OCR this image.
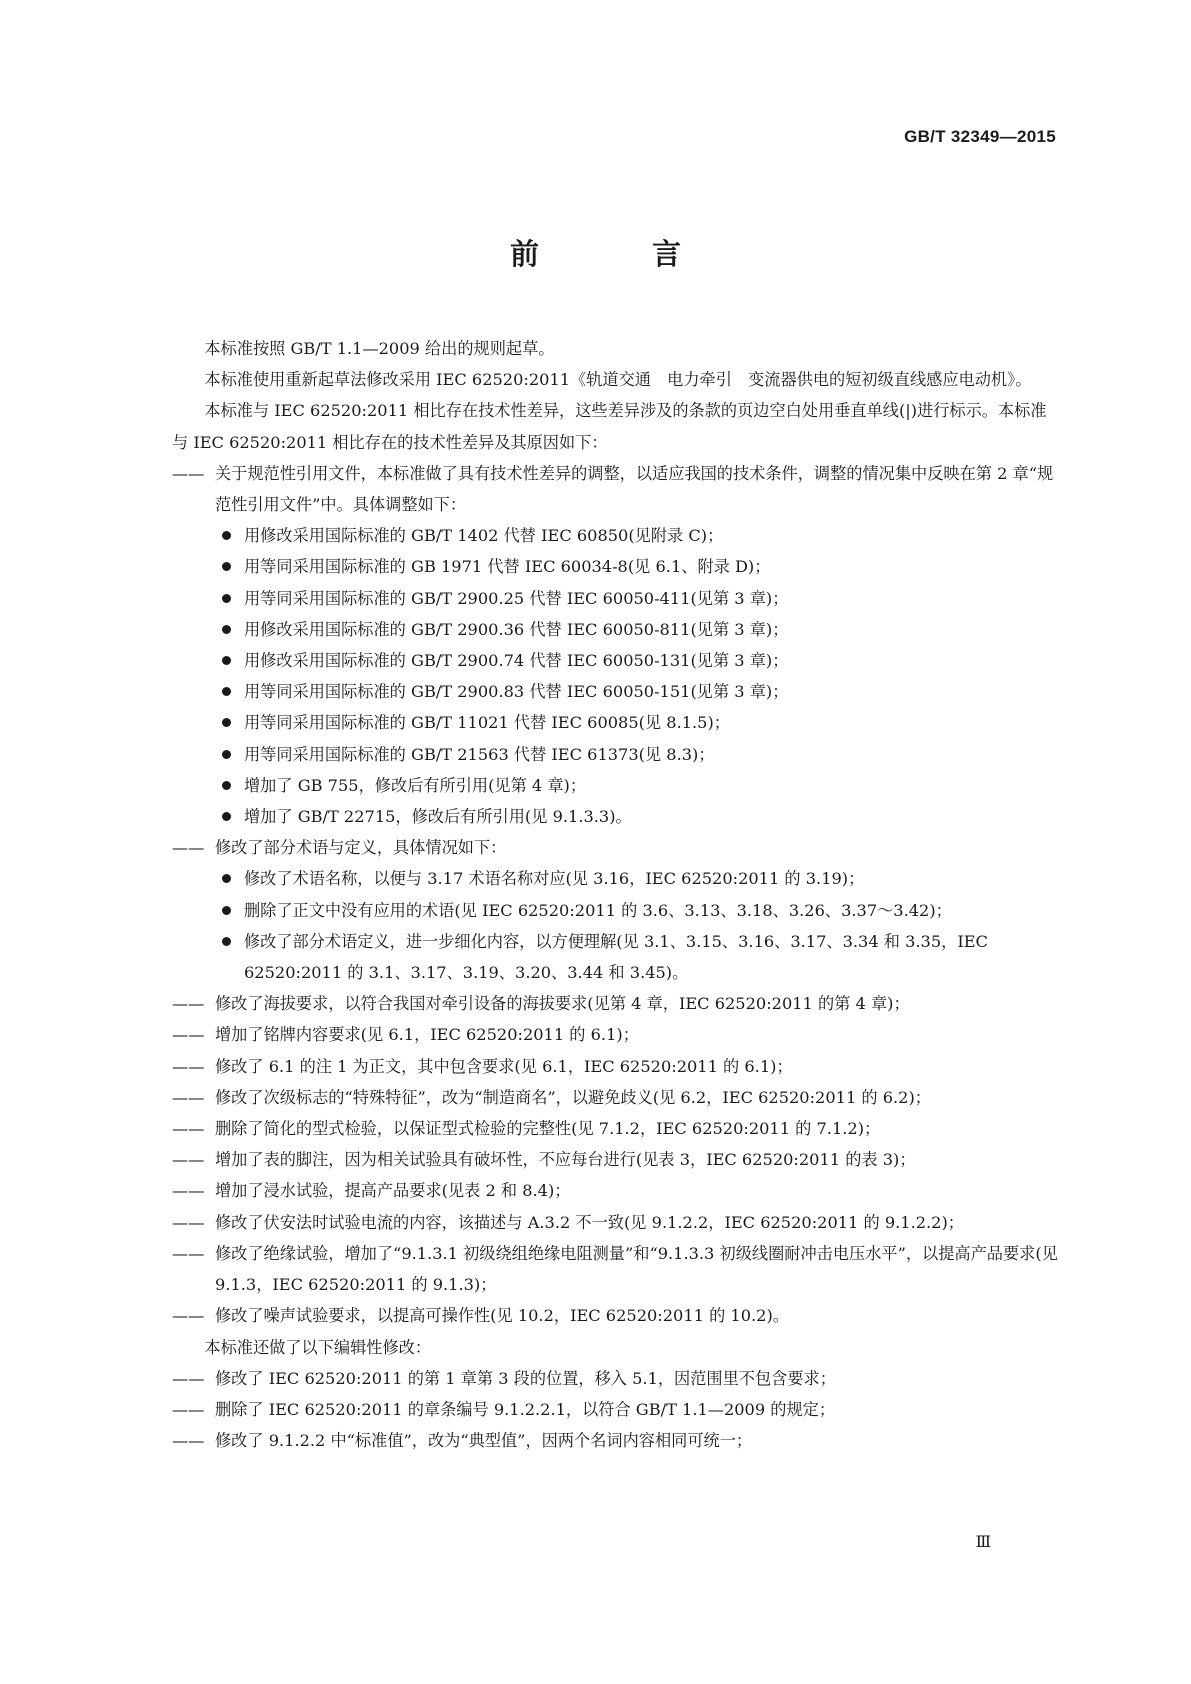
GB/T 32349—2015
前　言

本标准按照 GB/T 1.1—2009 给出的规则起草。

本标准使用重新起草法修改采用 IEC 62520:2011《轨道交通　电力牵引　变流器供电的短初级直线感应电动机》。

本标准与 IEC 62520:2011 相比存在技术性差异，这些差异涉及的条款的页边空白处用垂直单线(|)进行标示。本标准与 IEC 62520:2011 相比存在的技术性差异及其原因如下：

—— 关于规范性引用文件，本标准做了具有技术性差异的调整，以适应我国的技术条件，调整的情况集中反映在第 2 章“规范性引用文件”中。具体调整如下：

用修改采用国际标准的 GB/T 1402 代替 IEC 60850(见附录 C)；

用等同采用国际标准的 GB 1971 代替 IEC 60034-8(见 6.1、附录 D)；

用等同采用国际标准的 GB/T 2900.25 代替 IEC 60050-411(见第 3 章)；

用修改采用国际标准的 GB/T 2900.36 代替 IEC 60050-811(见第 3 章)；

用修改采用国际标准的 GB/T 2900.74 代替 IEC 60050-131(见第 3 章)；

用等同采用国际标准的 GB/T 2900.83 代替 IEC 60050-151(见第 3 章)；

用等同采用国际标准的 GB/T 11021 代替 IEC 60085(见 8.1.5)；

用等同采用国际标准的 GB/T 21563 代替 IEC 61373(见 8.3)；

增加了 GB 755，修改后有所引用(见第 4 章)；

增加了 GB/T 22715，修改后有所引用(见 9.1.3.3)。

—— 修改了部分术语与定义，具体情况如下：

修改了术语名称，以便与 3.17 术语名称对应(见 3.16，IEC 62520:2011 的 3.19)；

删除了正文中没有应用的术语(见 IEC 62520:2011 的 3.6、3.13、3.18、3.26、3.37～3.42)；

修改了部分术语定义，进一步细化内容，以方便理解(见 3.1、3.15、3.16、3.17、3.34 和 3.35，IEC 62520:2011 的 3.1、3.17、3.19、3.20、3.44 和 3.45)。

—— 修改了海拔要求，以符合我国对牵引设备的海拔要求(见第 4 章，IEC 62520:2011 的第 4 章)；

—— 增加了铭牌内容要求(见 6.1，IEC 62520:2011 的 6.1)；

—— 修改了 6.1 的注 1 为正文，其中包含要求(见 6.1，IEC 62520:2011 的 6.1)；

—— 修改了次级标志的“特殊特征”，改为“制造商名”，以避免歧义(见 6.2，IEC 62520:2011 的 6.2)；

—— 删除了简化的型式检验，以保证型式检验的完整性(见 7.1.2，IEC 62520:2011 的 7.1.2)；

—— 增加了表的脚注，因为相关试验具有破坏性，不应每台进行(见表 3，IEC 62520:2011 的表 3)；

—— 增加了浸水试验，提高产品要求(见表 2 和 8.4)；

—— 修改了伏安法时试验电流的内容，该描述与 A.3.2 不一致(见 9.1.2.2，IEC 62520:2011 的 9.1.2.2)；

—— 修改了绝缘试验，增加了“9.1.3.1 初级绕组绝缘电阻测量”和“9.1.3.3 初级线圈耐冲击电压水平”，以提高产品要求(见 9.1.3，IEC 62520:2011 的 9.1.3)；

—— 修改了噪声试验要求，以提高可操作性(见 10.2，IEC 62520:2011 的 10.2)。

本标准还做了以下编辑性修改：

—— 修改了 IEC 62520:2011 的第 1 章第 3 段的位置，移入 5.1，因范围里不包含要求；

—— 删除了 IEC 62520:2011 的章条编号 9.1.2.2.1，以符合 GB/T 1.1—2009 的规定；

—— 修改了 9.1.2.2 中“标准值”，改为“典型值”，因两个名词内容相同可统一；

Ⅲ
